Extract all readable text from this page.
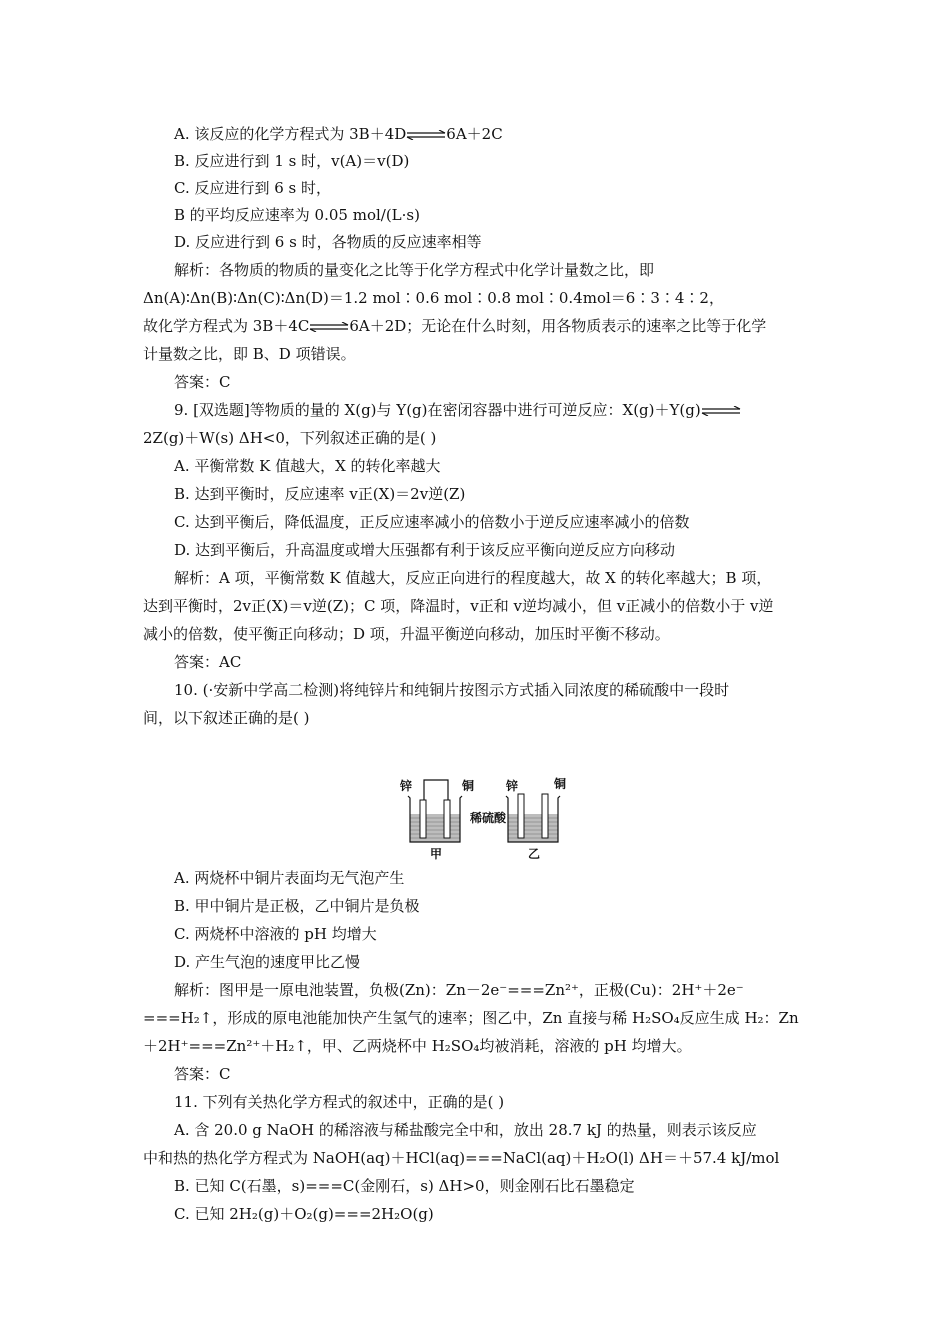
A. 该反应的化学方程式为 3B＋4D⇌6A＋2C
B. 反应进行到 1 s 时，v(A)＝v(D)
C. 反应进行到 6 s 时，
B 的平均反应速率为 0.05 mol/(L·s)
D. 反应进行到 6 s 时，各物质的反应速率相等
解析：各物质的物质的量变化之比等于化学方程式中化学计量数之比，即
Δn(A)∶Δn(B)∶Δn(C)∶Δn(D)＝1.2 mol∶0.6 mol∶0.8 mol∶0.4mol＝6∶3∶4∶2，
故化学方程式为 3B＋4C⇌6A＋2D；无论在什么时刻，用各物质表示的速率之比等于化学
计量数之比，即 B、D 项错误。
答案：C
9. [双选题]等物质的量的 X(g)与 Y(g)在密闭容器中进行可逆反应：X(g)＋Y(g)⇌
2Z(g)＋W(s) ΔH<0，下列叙述正确的是( )
A. 平衡常数 K 值越大，X 的转化率越大
B. 达到平衡时，反应速率 v正(X)＝2v逆(Z)
C. 达到平衡后，降低温度，正反应速率减小的倍数小于逆反应速率减小的倍数
D. 达到平衡后，升高温度或增大压强都有利于该反应平衡向逆反应方向移动
解析：A 项，平衡常数 K 值越大，反应正向进行的程度越大，故 X 的转化率越大；B 项，
达到平衡时，2v正(X)＝v逆(Z)；C 项，降温时，v正和 v逆均减小，但 v正减小的倍数小于 v逆
减小的倍数，使平衡正向移动；D 项，升温平衡逆向移动，加压时平衡不移动。
答案：AC
10. (·安新中学高二检测)将纯锌片和纯铜片按图示方式插入同浓度的稀硫酸中一段时
间，以下叙述正确的是( )
锌	铜
甲
稀硫酸
锌	铜
乙
A. 两烧杯中铜片表面均无气泡产生
B. 甲中铜片是正极，乙中铜片是负极
C. 两烧杯中溶液的 pH 均增大
D. 产生气泡的速度甲比乙慢
解析：图甲是一原电池装置，负极(Zn)：Zn－2e⁻===Zn²⁺，正极(Cu)：2H⁺＋2e⁻
===H₂↑，形成的原电池能加快产生氢气的速率；图乙中，Zn 直接与稀 H₂SO₄反应生成 H₂：Zn
＋2H⁺===Zn²⁺＋H₂↑，甲、乙两烧杯中 H₂SO₄均被消耗，溶液的 pH 均增大。
答案：C
11. 下列有关热化学方程式的叙述中，正确的是( )
A. 含 20.0 g NaOH 的稀溶液与稀盐酸完全中和，放出 28.7 kJ 的热量，则表示该反应
中和热的热化学方程式为 NaOH(aq)＋HCl(aq)===NaCl(aq)＋H₂O(l) ΔH＝＋57.4 kJ/mol
B. 已知 C(石墨，s)===C(金刚石，s) ΔH>0，则金刚石比石墨稳定
C. 已知 2H₂(g)＋O₂(g)===2H₂O(g)
